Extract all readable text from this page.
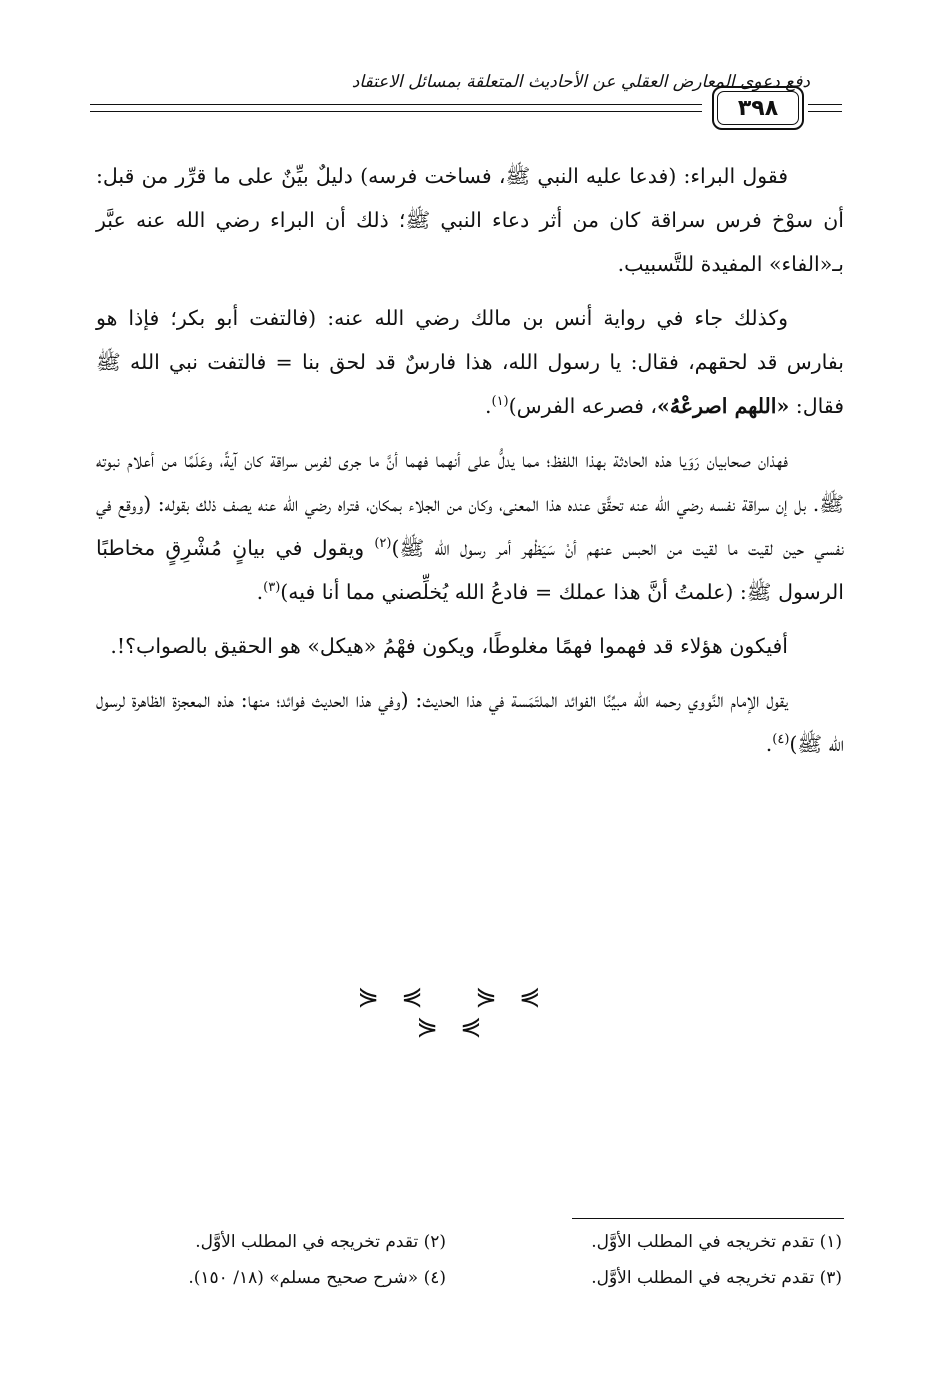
دفع دعوى المعارض العقلي عن الأحاديث المتعلقة بمسائل الاعتقاد
٣٩٨

فقول البراء: (فدعا عليه النبي ﷺ، فساخت فرسه) دليلٌ بيِّنٌ على ما قرِّر من قبل: أن سوْخ فرس سراقة كان من أثر دعاء النبي ﷺ؛ ذلك أن البراء رضي الله عنه عبَّر بـ«الفاء» المفيدة للتَّسبيب.

وكذلك جاء في رواية أنس بن مالك رضي الله عنه: (فالتفت أبو بكر؛ فإذا هو بفارس قد لحقهم، فقال: يا رسول الله، هذا فارسٌ قد لحق بنا = فالتفت نبي الله ﷺ فقال: «اللهم اصرعْهُ»، فصرعه الفرس)$^{(١)}$.

فهذان صحابيان رَوَيا هذه الحادثة بهذا اللفظ؛ مما يدلُّ على أنهما فهما أنَّ ما جرى لفرس سراقة كان آيةً، وعَلَمًا من أعلام نبوته ﷺ. بل إن سراقة نفسه رضي الله عنه تحقَّق عنده هذا المعنى، وكان من الجلاء بمكان، فتراه رضي الله عنه يصف ذلك بقوله: (ووقع في نفسي حين لقيت ما لقيت من الحبس عنهم أنْ سَيَظْهر أمر رسول الله ﷺ)$^{(٢)}$ ويقول في بيانٍ مُشْرِقٍ مخاطبًا الرسول ﷺ: (علمتُ أنَّ هذا عملك = فادعُ الله يُخلِّصني مما أنا فيه)$^{(٣)}$.

أفيكون هؤلاء قد فهموا فهمًا مغلوطًا، ويكون فهْمُ «هيكل» هو الحقيق بالصواب؟!.

يقول الإمام النَّووي رحمه الله مبيِّنًا الفوائد الملتَمَسة في هذا الحديث: (وفي هذا الحديث فوائد؛ منها: هذه المعجزة الظاهرة لرسول الله ﷺ)$^{(٤)}$.

⋟⋞ ⋟⋞ ⋟⋞
(١) تقدم تخريجه في المطلب الأوَّل.
(٢) تقدم تخريجه في المطلب الأوَّل.
(٣) تقدم تخريجه في المطلب الأوَّل.
(٤) «شرح صحيح مسلم» (١٨/ ١٥٠).
